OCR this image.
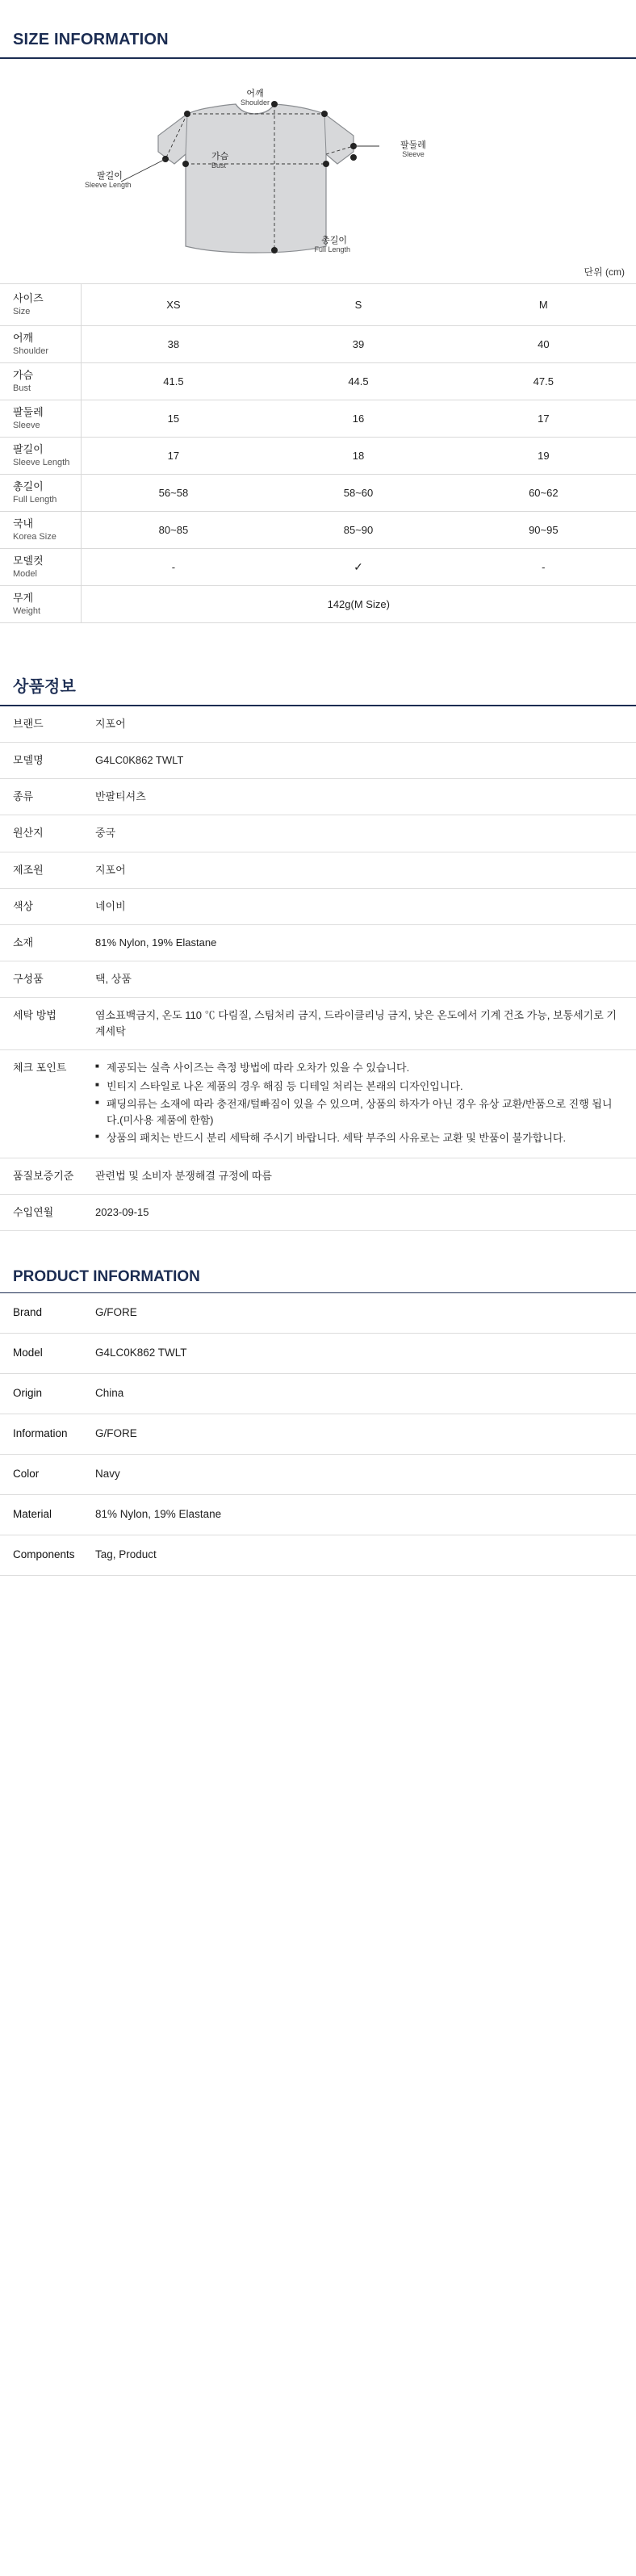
SIZE INFORMATION
어깨
Shoulder
팔둘레
Sleeve
가슴
Bust
팔길이
Sleeve Length
총길이
Full Length
단위 (cm)
사이즈
Size	XS	S	M

어깨
Shoulder	38	39	40

가슴
Bust	41.5	44.5	47.5

팔둘레
Sleeve	15	16	17

팔길이
Sleeve Length	17	18	19

총길이
Full Length	56~58	58~60	60~62

국내
Korea Size	80~85	85~90	90~95

모델컷
Model	-	✓	-

무게
Weight	142g(M Size)		
상품정보
브랜드	지포어
모델명	G4LC0K862 TWLT
종류	반팔티셔츠
원산지	중국
제조원	지포어
색상	네이비
소재	81% Nylon, 19% Elastane
구성품	택, 상품
세탁 방법	염소표백금지, 온도 110 ℃ 다림질, 스팀처리 금지, 드라이클리닝 금지, 낮은 온도에서 기계 건조 가능, 보통세기로 기계세탁
체크 포인트	
■제공되는 실측 사이즈는 측정 방법에 따라 오차가 있을 수 있습니다.
■ 빈티지 스타일로 나온 제품의 경우 해짐 등 디테일 처리는 본래의 디자인입니다.
■ 패딩의류는 소재에 따라 충전재/털빠짐이 있을 수 있으며, 상품의 하자가 아닌 경우 유상 교환/반품으로 진행 됩니다.(미사용 제품에 한함)
■ 상품의 패치는 반드시 분리 세탁해 주시기 바랍니다. 세탁 부주의 사유로는 교환 및 반품이 불가합니다.

품질보증기준	관련법 및 소비자 분쟁해결 규정에 따름
수입연월	2023-09-15
PRODUCT INFORMATION
Brand	G/FORE
Model	G4LC0K862 TWLT
Origin	China
Information	G/FORE
Color	Navy
Material	81% Nylon, 19% Elastane
Components	Tag, Product
